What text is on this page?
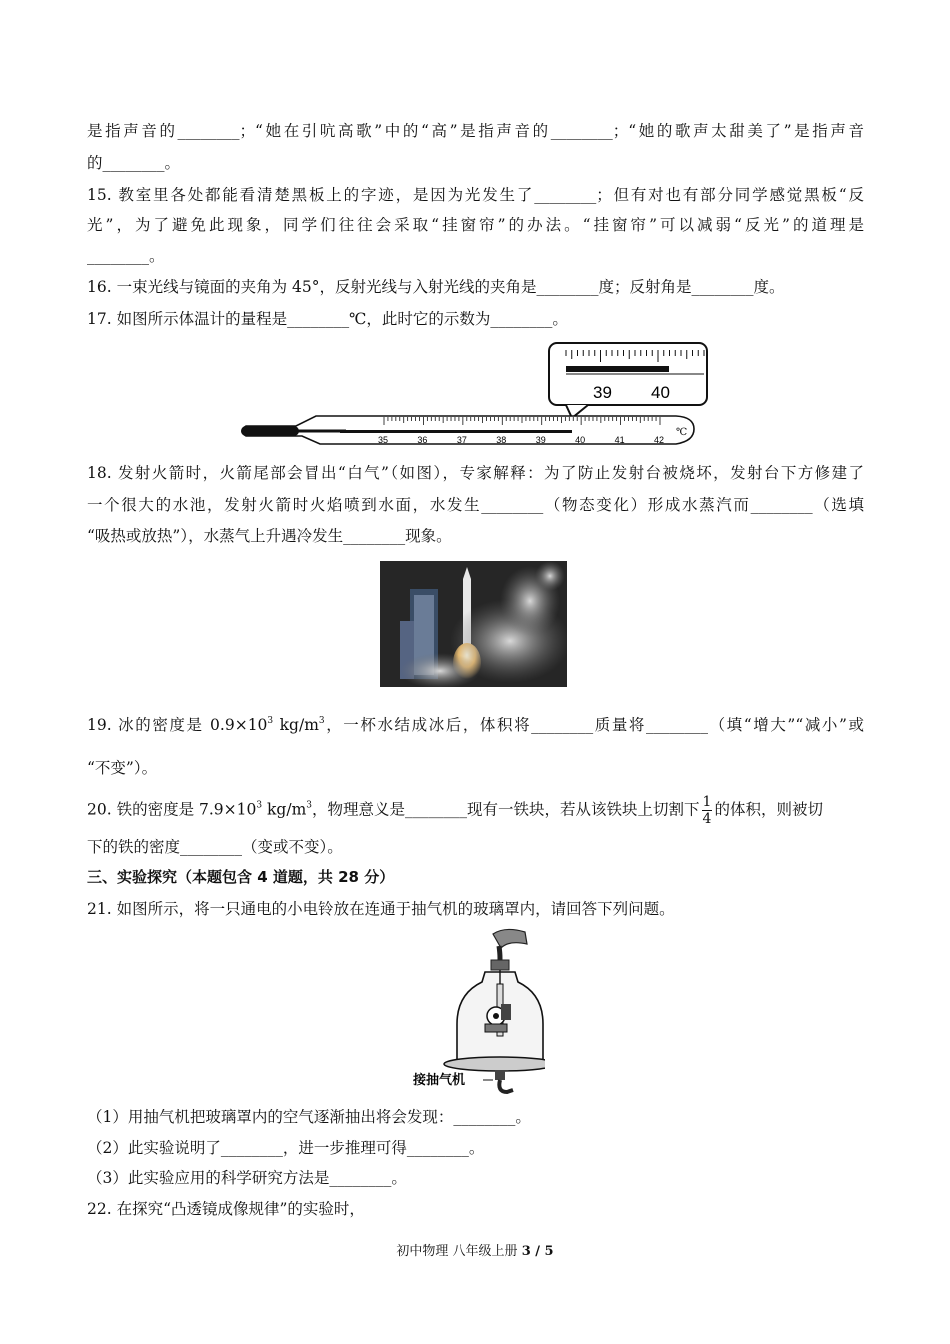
是指声音的________；“她在引吭高歌”中的“高”是指声音的________；“她的歌声太甜美了”是指声音
的________。
15. 教室里各处都能看清楚黑板上的字迹，是因为光发生了________；但有对也有部分同学感觉黑板“反
光”，为了避免此现象，同学们往往会采取“挂窗帘”的办法。“挂窗帘”可以减弱“反光”的道理是
________。
16. 一束光线与镜面的夹角为 45°，反射光线与入射光线的夹角是________度；反射角是________度。
17. 如图所示体温计的量程是________℃，此时它的示数为________。
39 40
35	36	37	38	39	40	41	42
℃
18. 发射火箭时，火箭尾部会冒出“白气”（如图），专家解释：为了防止发射台被烧坏，发射台下方修建了
一个很大的水池，发射火箭时火焰喷到水面，水发生________（物态变化）形成水蒸汽而________（选填
“吸热或放热”），水蒸气上升遇冷发生________现象。
19. 冰的密度是 $0.9\times 10^3$ $kg/m^3$，一杯水结成冰后，体积将________质量将________（填“增大”“减小”或
“不变”）。
20. 铁的密度是 $7.9\times 10^3$ $kg/m^3$，物理意义是________现有一铁块，若从该铁块上切割下 $\frac{1}{4}$ 的体积，则被切
下的铁的密度________（变或不变）。
三、实验探究（本题包含 4 道题，共 28 分）
21. 如图所示，将一只通电的小电铃放在连通于抽气机的玻璃罩内，请回答下列问题。
接抽气机
（1）用抽气机把玻璃罩内的空气逐渐抽出将会发现：________。
（2）此实验说明了________，进一步推理可得________。
（3）此实验应用的科学研究方法是________。
22. 在探究“凸透镜成像规律”的实验时，
初中物理 八年级上册 3 / 5
